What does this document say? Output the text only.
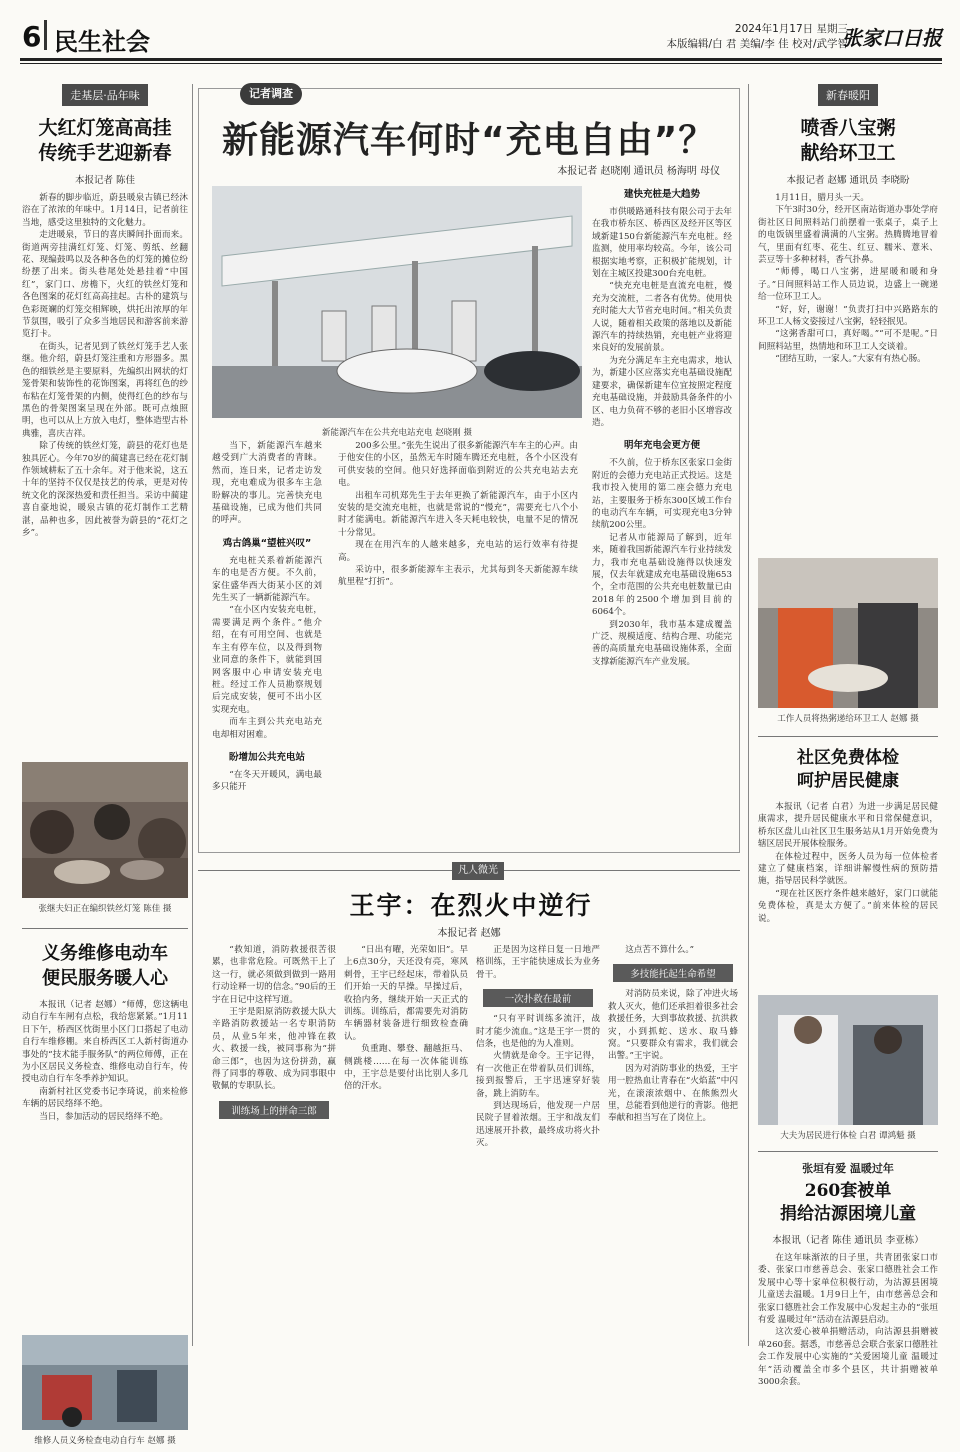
6 民生社会	2024年1月17日 星期三
本版编辑/白 君 美编/李 佳 校对/武学智
张家口日报
走基层·品年味
大红灯笼高高挂
传统手艺迎新春
本报记者 陈佳

新春的脚步临近，蔚县暖泉古镇已经沐浴在了浓浓的年味中。1月14日，记者前往当地，感受这里独特的文化魅力。

走进暖泉，节日的喜庆瞬间扑面而来。街道两旁挂满红灯笼、灯笼、剪纸、丝翻花、现编鼓鸣以及各种各色的灯笼的摊位纷纷摆了出来。街头巷尾处处悬挂着“中国红”，家门口、房檐下，火红的铁丝灯笼和各色图案的花灯红高高挂起。古朴的建筑与色彩斑斓的灯笼交相辉映，烘托出浓厚的年节氛围，吸引了众多当地居民和游客前来游览打卡。

在街头，记者见到了铁丝灯笼手艺人张继。他介绍，蔚县灯笼注重和方形器多。黑色的细铁丝是主要原料，先编织出网状的灯笼骨架和装饰性的花饰图案，再将红色的纱布粘在灯笼骨架的内侧，使得红色的纱布与黑色的骨架图案呈现在外部。既可点烛照明，也可以从上方放入电灯，整体造型古朴典雅，喜庆吉祥。

除了传统的铁丝灯笼，蔚县的花灯也是独具匠心。今年70岁的蔺建喜已经在花灯制作领域耕耘了五十余年。对于他来说，这五十年的坚持不仅仅是技艺的传承，更是对传统文化的深深热爱和责任担当。采访中蔺建喜自豪地说，暖泉古镇的花灯制作工艺精湛，品种也多，因此被誉为蔚县的“花灯之乡”。

张继夫妇正在编织铁丝灯笼 陈佳 摄
义务维修电动车
便民服务暖人心

本报讯（记者 赵娜）“师傅，您这辆电动自行车车闸有点松，我给您紧紧。”1月11日下午，桥西区忱街里小区门口搭起了电动自行车维修棚。来自桥西区工人新村街道办事处的“技术能手服务队”的两位师傅，正在为小区居民义务检查、维修电动自行车，传授电动自行车冬季养护知识。

南新村社区党委书记李琦说，前来检修车辆的居民络绎不绝。

当日，参加活动的居民络绎不绝。

维修人员义务检查电动自行车 赵娜 摄
记者调查
新能源汽车何时“充电自由”？
本报记者 赵晓刚 通讯员 杨海明 母仪
新能源汽车在公共充电站充电 赵晓刚 摄

当下，新能源汽车越来越受到广大消费者的青睐。然而，连日来，记者走访发现，充电难成为很多车主急盼解决的事儿。完善快充电基础设施，已成为他们共同的呼声。

鸡古鸽巢“望桩兴叹”

充电桩关系着新能源汽车的电是否方便。不久前，家住盛华西大街某小区的刘先生买了一辆新能源汽车。

“在小区内安装充电桩，需要满足两个条件。”他介绍，在有可用空间、也就是车主有停车位，以及得到物业同意的条件下，就能到国网客服中心申请安装充电桩。经过工作人员勘察规划后完成安装，便可不出小区实现充电。

而车主到公共充电站充电却相对困难。

盼增加公共充电站

“在冬天开暖风，满电最多只能开

200多公里。”张先生说出了很多新能源汽车车主的心声。由于他安住的小区，虽然无车时随车腾还充电桩，各个小区没有可供安装的空间。他只好选择面临到附近的公共充电站去充电。

出租车司机郑先生于去年更换了新能源汽车，由于小区内安装的是交流充电桩，也就是常说的“慢充”，需要充七八个小时才能满电。新能源汽车进入冬天耗电较快，电量不足的情况十分常见。

现在在用汽车的人越来越多，充电站的运行效率有待提高。

采访中，很多新能源车主表示，尤其每到冬天新能源车续航里程“打折”。

建快充桩是大趋势

市供暖路通科技有限公司于去年在我市桥东区、桥西区及经开区等区域新建150台新能源汽车充电桩。经监测，使用率均较高。今年，该公司根据实地考察，正积极扩能规划，计划在主城区投建300台充电桩。

“快充充电桩是直流充电桩，慢充为交流桩，二者各有优势。使用快充时能大大节省充电时间。”相关负责人说，随着相关政策的落地以及新能源汽车的持续热销，充电桩产业将迎来良好的发展前景。

为充分满足车主充电需求，地认为，新建小区应落实充电基础设施配建要求，确保新建车位宜按照定程度充电基础设施，并鼓励具备条件的小区、电力负荷不够的老旧小区增容改造。

明年充电会更方便

不久前，位于桥东区张家口金街附近的会德力充电站正式投运。这是我市投入使用的第二座会德力充电站，主要服务于桥东300区域工作台的电动汽车车辆，可实现充电3分钟续航200公里。

记者从市能源局了解到，近年来，随着我国新能源汽车行业持续发力，我市充电基础设施得以快速发展，仅去年就建成充电基础设施653个，全市范围的公共充电桩数量已由2018年的2500个增加到目前的6064个。

到2030年，我市基本建成覆盖广泛、规模适度、结构合理、功能完善的高质量充电基础设施体系，全面支撑新能源汽车产业发展。

凡人微光
王宇：在烈火中逆行
本报记者 赵娜

“救知道，消防救援很苦很累，也非常危险。可既然干上了这一行，就必须做到做到一路用行动诠释一切的信念。”90后的王宇在日记中这样写道。

王宇是阳原消防救援大队大辛路消防救援站一名专职消防员，从业5年来，他冲锋在救火、救援一线，被同事称为“拼命三郎”，也因为这份拼劲，赢得了同事的尊敬、成为同事眼中敬佩的专职队长。

训练场上的拼命三郎

“日出有曜，光荣如旧”。早上6点30分，天还没有亮，寒风刺骨，王宇已经起床，带着队员们开始一天的早操。早操过后，收拾内务，继续开始一天正式的训练。训练后，都需要先对消防车辆器材装备进行细致检查确认。

负重跑、攀登、翻越拒马、侧跳楼……在每一次体能训练中，王宇总是要付出比别人多几倍的汗水。

正是因为这样日复一日地严格训练，王宇能快速成长为业务骨干。

一次扑救在最前

“只有平时训练多流汗，战时才能少流血。”这是王宇一贯的信条，也是他的为人准则。

火情就是命令。王宇记得，有一次他正在带着队员们训练，接到报警后，王宇迅速穿好装备，跳上消防车。

到达现场后，他发现一户居民院子冒着浓烟。王宇和战友们迅速展开扑救，最终成功将火扑灭。

这点苦不算什么。”

多技能托起生命希望

对消防员来说，除了冲进火场救人灭火，他们还承担着很多社会救援任务，大到事故救援、抗洪救灾，小到抓蛇、送水、取马蜂窝。“只要群众有需求，我们就会出警。”王宇说。

因为对消防事业的热爱，王宇用一腔热血让青春在“火焰蓝”中闪光，在滚滚浓烟中、在熊熊烈火里，总能看到他逆行的背影。他把奉献和担当写在了岗位上。

新春暖阳
喷香八宝粥
献给环卫工
本报记者 赵娜 通讯员 李晓盼

1月11日，腊月头一天。

下午3时30分，经开区南站街道办事处学府街社区日间照料站门前摆着一张桌子，桌子上的电饭锅里盛着满满的八宝粥。热腾腾地冒着气，里面有红枣、花生、红豆、糯米、薏米、芸豆等十多种材料，香气扑鼻。

“师傅，喝口八宝粥，进屋暖和暖和身子。”日间照料站工作人员边说，边盛上一碗递给一位环卫工人。

“好，好，谢谢！”负责打扫中兴路路东的环卫工人杨文姿接过八宝粥，轻轻抿见。

“这粥香甜可口，真好喝。”“可不是呢。”日间照料站里，热情地和环卫工人交谈着。

“团结互助，一家人。”大家有有热心肠。

工作人员将热粥递给环卫工人 赵娜 摄
社区免费体检
呵护居民健康

本报讯（记者 白君）为进一步满足居民健康需求，提升居民健康水平和日常保健意识，桥东区盘儿山社区卫生服务站从1月开始免费为辖区居民开展体检服务。

在体检过程中，医务人员为每一位体检者建立了健康档案，详细讲解慢性病的预防措施，指导居民科学就医。

“现在社区医疗条件越来越好，家门口就能免费体检，真是太方便了。”前来体检的居民说。

大夫为居民进行体检 白君 谭鸿魁 摄
张垣有爱 温暖过年
260套被单
捐给沽源困境儿童
本报讯（记者 陈佳 通讯员 李亚栋）

在这年味渐浓的日子里，共青团张家口市委、张家口市慈善总会、张家口德胜社会工作发展中心等十家单位积极行动，为沽源县困境儿童送去温暖。1月9日上午，由市慈善总会和张家口德胜社会工作发展中心发起主办的“张垣有爱 温暖过年”活动在沽源县启动。

这次爱心被单捐赠活动，向沽源县捐赠被单260套。据悉，市慈善总会联合张家口德胜社会工作发展中心实施的“关爱困境儿童 温暖过年”活动覆盖全市多个县区，共计捐赠被单3000余套。
